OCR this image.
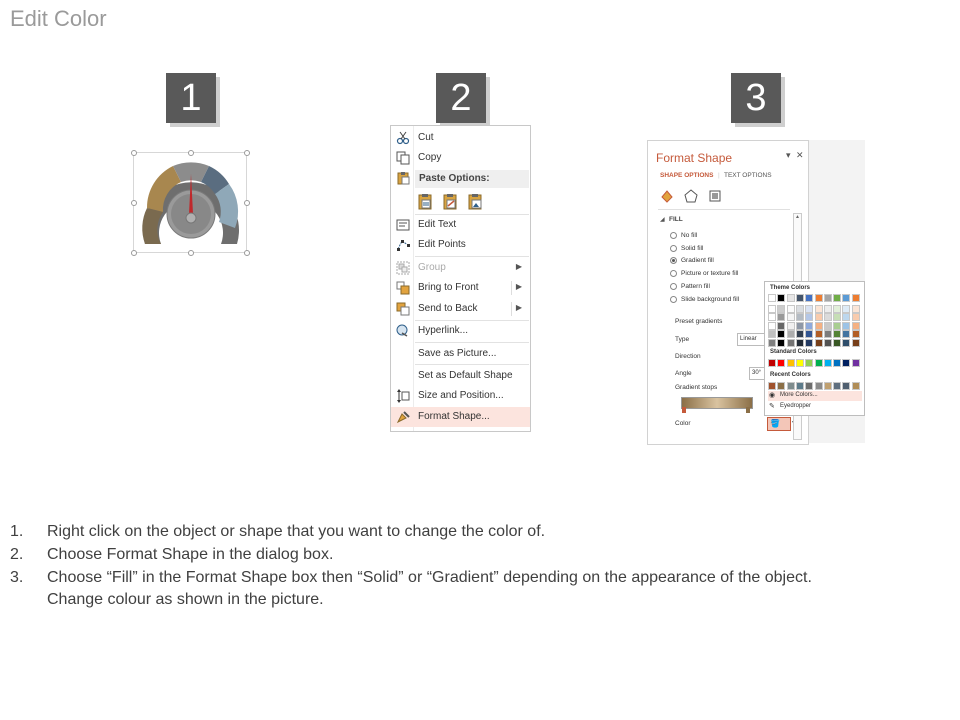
Edit Color
1	2	3
Cut
Copy
Paste Options:
Edit Text
Edit Points
Group	▶
Bring to Front	▶
Send to Back	▶
Hyperlink...
Save as Picture...
Set as Default Shape
Size and Position...
Format Shape...
Format Shape	▾ ✕
SHAPE OPTIONS | TEXT OPTIONS
◢ FILL
No fill
Solid fill
Gradient fill
Picture or texture fill
Pattern fill
Slide background fill
Preset gradients
Type	Linear
Direction
Angle	30°
Gradient stops
Color	🪣
▲
Theme Colors
Standard Colors
Recent Colors
◉ More Colors...
✎ Eyedropper
1. Right click on the object or shape that you want to change the color of.
2. Choose Format Shape in the dialog box.
3. Choose “Fill” in the Format Shape box then “Solid” or “Gradient” depending on the appearance of the object.
Change colour as shown in the picture.
